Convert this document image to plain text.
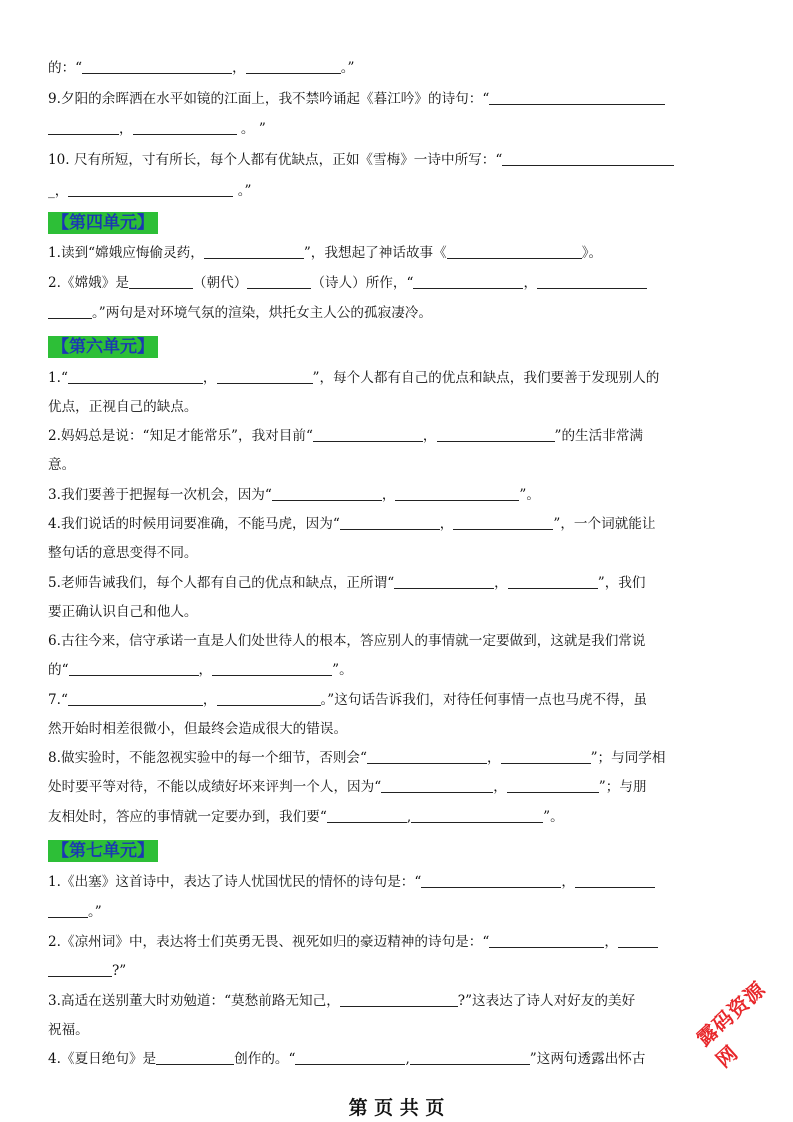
的：“	，	。”
9.夕阳的余晖洒在水平如镜的江面上，我不禁吟诵起《暮江吟》的诗句：“
，	。 ”
10. 尺有所短，寸有所长，每个人都有优缺点，正如《雪梅》一诗中所写：“
_，	。”
【第四单元】
1.读到“嫦娥应悔偷灵药，	”，我想起了神话故事《	》。
2.《嫦娥》是	（朝代）	（诗人）所作，“	，
。”两句是对环境气氛的渲染，烘托女主人公的孤寂凄冷。
【第六单元】
1.“	，	”，每个人都有自己的优点和缺点，我们要善于发现别人的
优点，正视自己的缺点。
2.妈妈总是说：“知足才能常乐”，我对目前“	，	”的生活非常满
意。
3.我们要善于把握每一次机会，因为“	，	”。
4.我们说话的时候用词要准确，不能马虎，因为“	，	”，一个词就能让
整句话的意思变得不同。
5.老师告诫我们，每个人都有自己的优点和缺点，正所谓“	，	”，我们
要正确认识自己和他人。
6.古往今来，信守承诺一直是人们处世待人的根本，答应别人的事情就一定要做到，这就是我们常说
的“	，	”。
7.“	，	。”这句话告诉我们，对待任何事情一点也马虎不得，虽
然开始时相差很微小，但最终会造成很大的错误。
8.做实验时，不能忽视实验中的每一个细节，否则会“	，	”；与同学相
处时要平等对待，不能以成绩好坏来评判一个人，因为“	，	”；与朋
友相处时，答应的事情就一定要办到，我们要“	,	”。
【第七单元】
1.《出塞》这首诗中，表达了诗人忧国忧民的情怀的诗句是：“	，
。”
2.《凉州词》中，表达将士们英勇无畏、视死如归的豪迈精神的诗句是：“	，
?”
3.高适在送别董大时劝勉道：“莫愁前路无知己，	?”这表达了诗人对好友的美好
祝福。
4.《夏日绝句》是	创作的。“	,	”这两句透露出怀古
露码资源网
第 页 共 页
